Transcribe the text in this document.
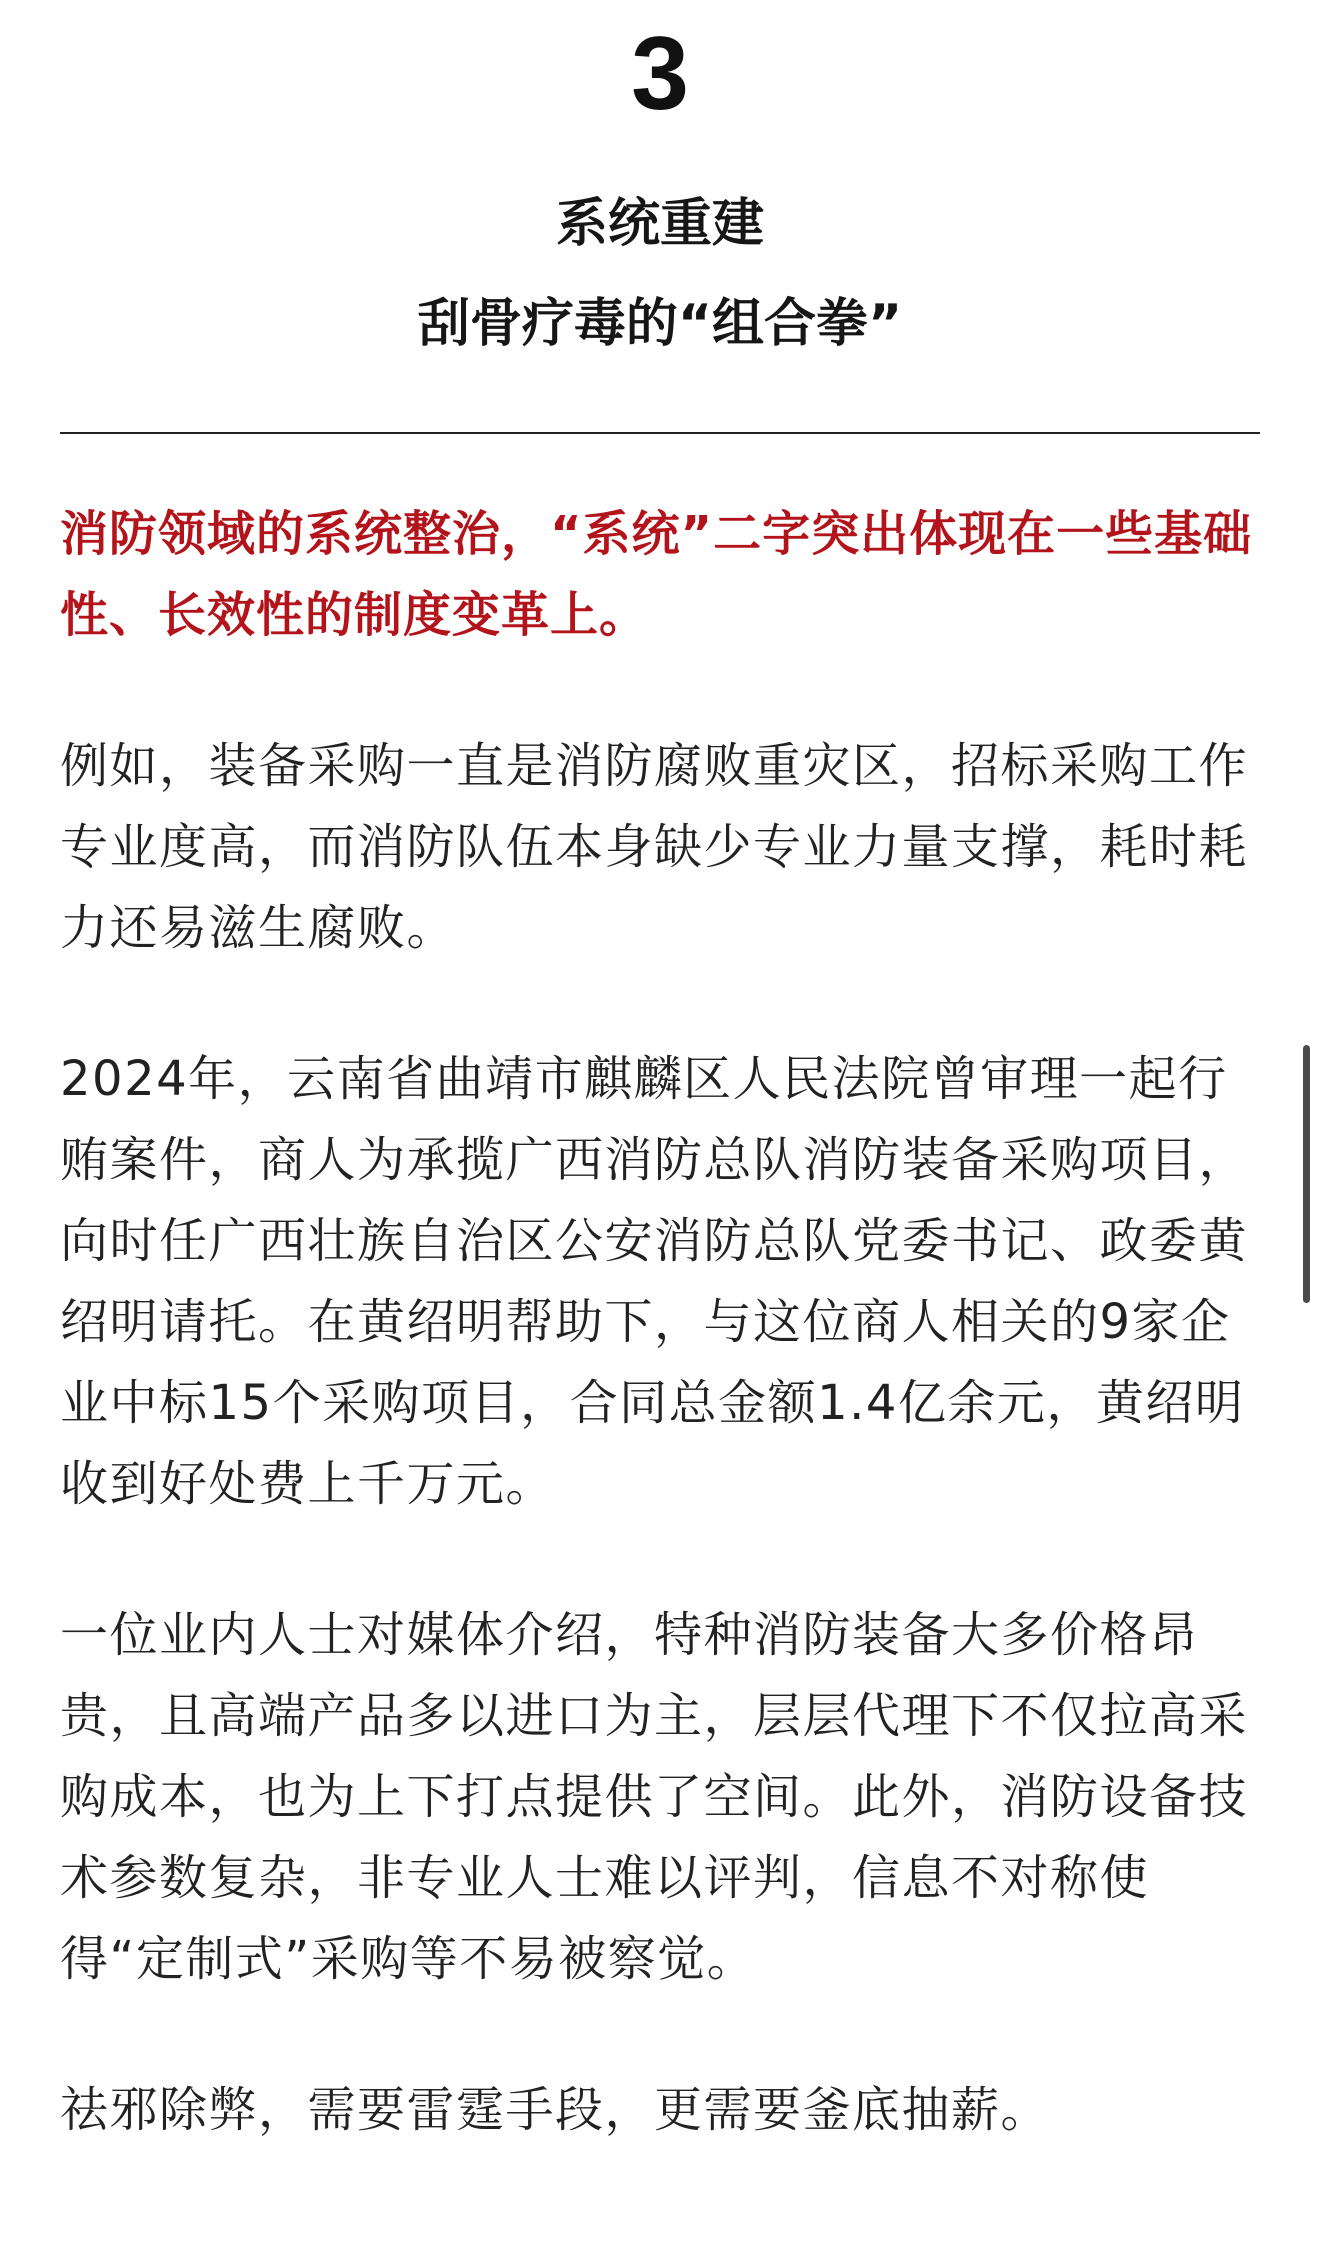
3
系统重建
刮骨疗毒的“组合拳”
消防领域的系统整治，“系统”二字突出体现在一些基础性、长效性的制度变革上。
例如，装备采购一直是消防腐败重灾区，招标采购工作专业度高，而消防队伍本身缺少专业力量支撑，耗时耗力还易滋生腐败。
2024年，云南省曲靖市麒麟区人民法院曾审理一起行贿案件，商人为承揽广西消防总队消防装备采购项目，向时任广西壮族自治区公安消防总队党委书记、政委黄绍明请托。在黄绍明帮助下，与这位商人相关的9家企业中标15个采购项目，合同总金额1.4亿余元，黄绍明收到好处费上千万元。
一位业内人士对媒体介绍，特种消防装备大多价格昂贵，且高端产品多以进口为主，层层代理下不仅拉高采购成本，也为上下打点提供了空间。此外，消防设备技术参数复杂，非专业人士难以评判，信息不对称使得“定制式”采购等不易被察觉。
祛邪除弊，需要雷霆手段，更需要釜底抽薪。
